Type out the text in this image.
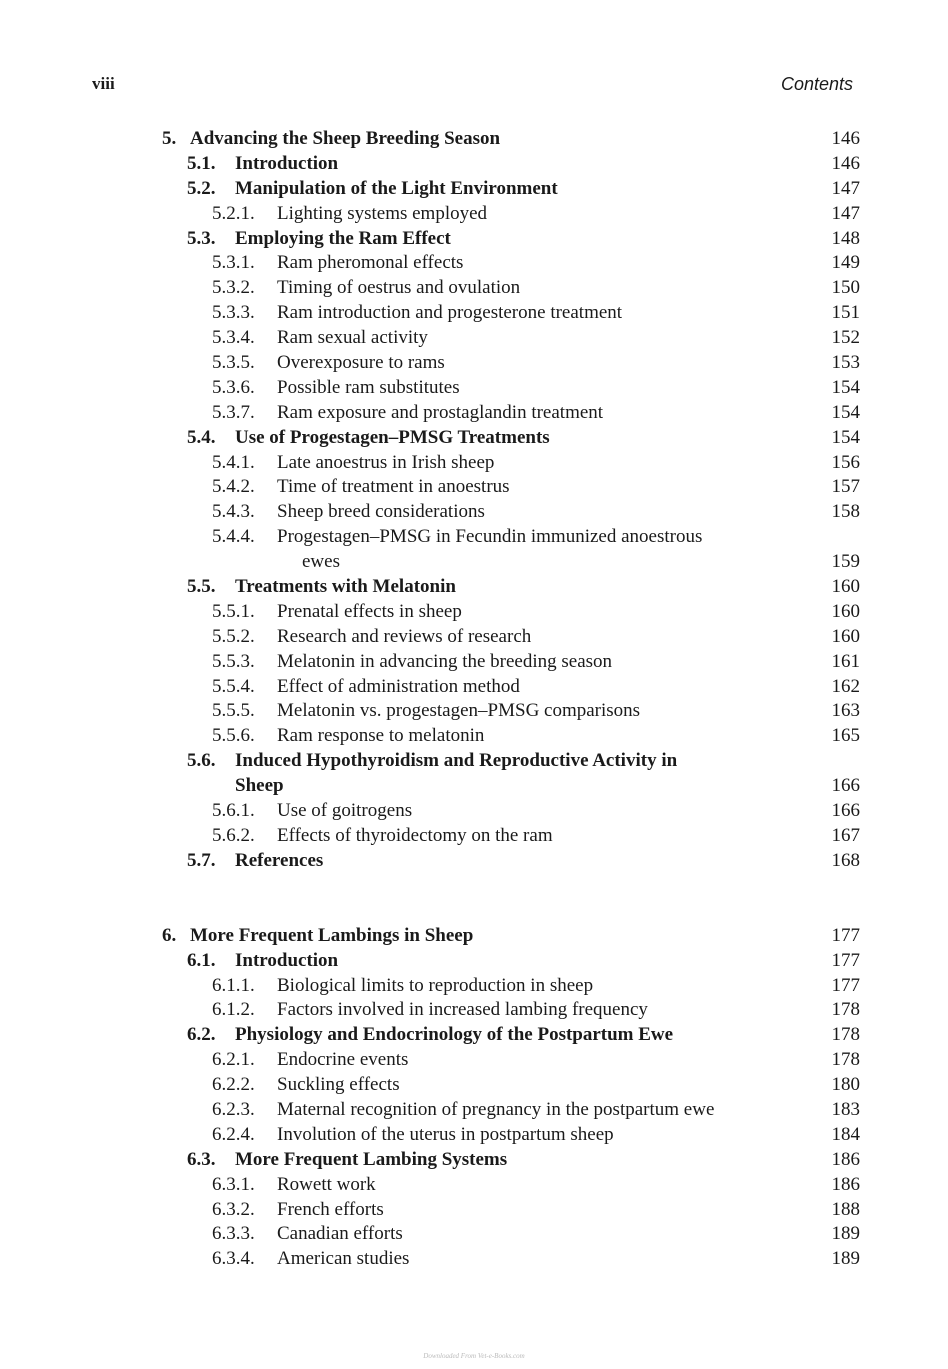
viii	Contents
5. Advancing the Sheep Breeding Season	146
5.1. Introduction	146
5.2. Manipulation of the Light Environment	147
5.2.1. Lighting systems employed	147
5.3. Employing the Ram Effect	148
5.3.1. Ram pheromonal effects	149
5.3.2. Timing of oestrus and ovulation	150
5.3.3. Ram introduction and progesterone treatment	151
5.3.4. Ram sexual activity	152
5.3.5. Overexposure to rams	153
5.3.6. Possible ram substitutes	154
5.3.7. Ram exposure and prostaglandin treatment	154
5.4. Use of Progestagen–PMSG Treatments	154
5.4.1. Late anoestrus in Irish sheep	156
5.4.2. Time of treatment in anoestrus	157
5.4.3. Sheep breed considerations	158
5.4.4. Progestagen–PMSG in Fecundin immunized anoestrous
ewes	159
5.5. Treatments with Melatonin	160
5.5.1. Prenatal effects in sheep	160
5.5.2. Research and reviews of research	160
5.5.3. Melatonin in advancing the breeding season	161
5.5.4. Effect of administration method	162
5.5.5. Melatonin vs. progestagen–PMSG comparisons	163
5.5.6. Ram response to melatonin	165
5.6. Induced Hypothyroidism and Reproductive Activity in
Sheep	166
5.6.1. Use of goitrogens	166
5.6.2. Effects of thyroidectomy on the ram	167
5.7. References	168
6. More Frequent Lambings in Sheep	177
6.1. Introduction	177
6.1.1. Biological limits to reproduction in sheep	177
6.1.2. Factors involved in increased lambing frequency	178
6.2. Physiology and Endocrinology of the Postpartum Ewe	178
6.2.1. Endocrine events	178
6.2.2. Suckling effects	180
6.2.3. Maternal recognition of pregnancy in the postpartum ewe	183
6.2.4. Involution of the uterus in postpartum sheep	184
6.3. More Frequent Lambing Systems	186
6.3.1. Rowett work	186
6.3.2. French efforts	188
6.3.3. Canadian efforts	189
6.3.4. American studies	189
Downloaded From Vet-e-Books.com
